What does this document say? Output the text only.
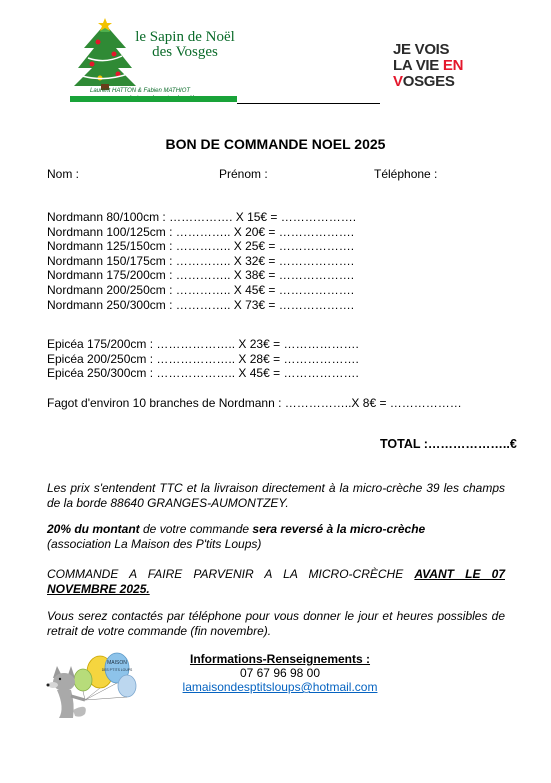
le Sapin de Noël
des Vosges
Laurent HATTON & Fabien MATHIOT
JE VOIS
LA VIE EN
VOSGES
BON DE COMMANDE NOEL 2025
Nom :	Prénom :	Téléphone :
Nordmann 80/100cm : ……………. X 15€ = ……………….
Nordmann 100/125cm : ………….. X 20€ = ……………….
Nordmann 125/150cm : ………….. X 25€ = ……………….
Nordmann 150/175cm : ………….. X 32€ = ……………….
Nordmann 175/200cm : ………….. X 38€ = ……………….
Nordmann 200/250cm : ………….. X 45€ = ……………….
Nordmann 250/300cm : ………….. X 73€ = ……………….
Epicéa 175/200cm : ……………….. X 23€ = ……………….
Epicéa 200/250cm : ……………….. X 28€ = ……………….
Epicéa 250/300cm : ……………….. X 45€ = ……………….
Fagot d'environ 10 branches de Nordmann : ……………..X 8€ = ………………
TOTAL :………………..€
Les prix s'entendent TTC et la livraison directement à la micro-crèche 39 les champs de la borde 88640 GRANGES-AUMONTZEY.
20% du montant de votre commande sera reversé à la micro-crèche
(association La Maison des P'tits Loups)
COMMANDE A FAIRE PARVENIR A LA MICRO-CRÈCHE AVANT LE 07 NOVEMBRE 2025.
Vous serez contactés par téléphone pour vous donner le jour et heures possibles de retrait de votre commande (fin novembre).
MAISON
DES P'TITS LOUPS
Informations-Renseignements :
07 67 96 98 00
lamaisondesptitsloups@hotmail.com
